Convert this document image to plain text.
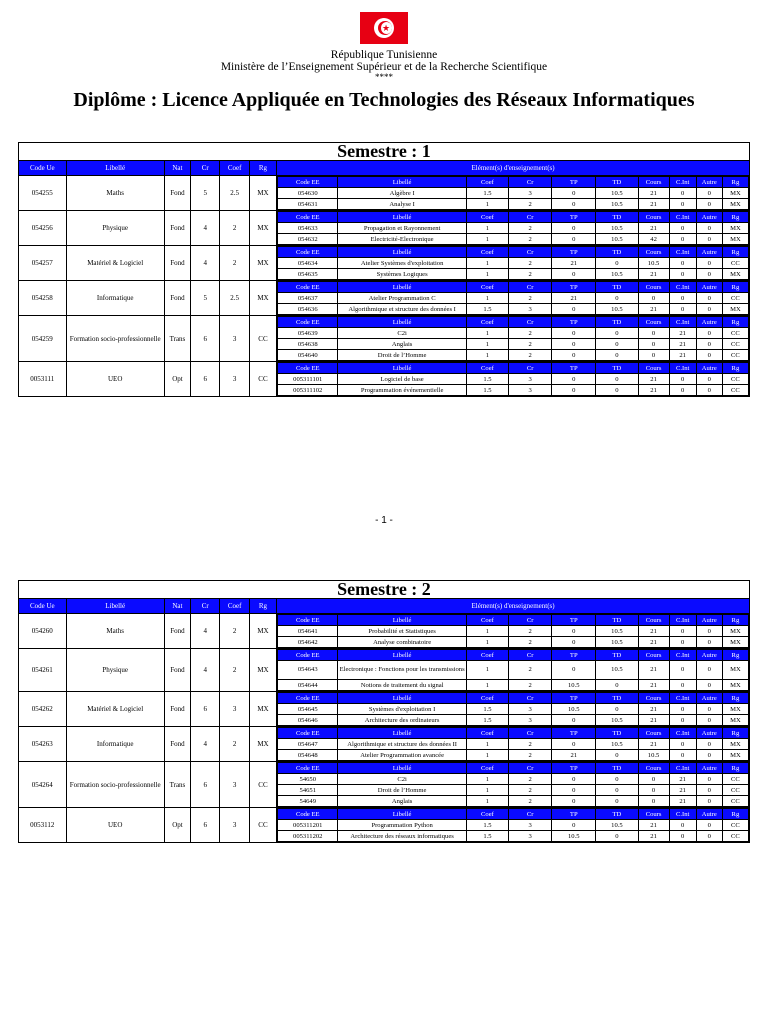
★
République Tunisienne
Ministère de l’Enseignement Supérieur et de la Recherche Scientifique
****
Diplôme : Licence Appliquée en Technologies des Réseaux Informatiques
Semestre : 1
Code Ue	Libellé	Nat	Cr	Coef	Rg	Elément(s) d'enseignement(s)
054255	Maths	Fond	5	2.5	MX	
Code EE	Libellé	Coef	Cr	TP	TD	Cours	C.Int	Autre	Rg
054630	Algèbre I	1.5	3	0	10.5	21	0	0	MX
054631	Analyse I	1	2	0	10.5	21	0	0	MX

054256	Physique	Fond	4	2	MX	
Code EE	Libellé	Coef	Cr	TP	TD	Cours	C.Int	Autre	Rg
054633	Propagation et Rayonnement	1	2	0	10.5	21	0	0	MX
054632	Electricité-Electronique	1	2	0	10.5	42	0	0	MX

054257	Matériel & Logiciel	Fond	4	2	MX	
Code EE	Libellé	Coef	Cr	TP	TD	Cours	C.Int	Autre	Rg
054634	Atelier Systèmes d'exploitation	1	2	21	0	10.5	0	0	CC
054635	Systèmes Logiques	1	2	0	10.5	21	0	0	MX

054258	Informatique	Fond	5	2.5	MX	
Code EE	Libellé	Coef	Cr	TP	TD	Cours	C.Int	Autre	Rg
054637	Atelier Programmation C	1	2	21	0	0	0	0	CC
054636	Algorithmique et structure des données I	1.5	3	0	10.5	21	0	0	MX

054259	Formation socio-professionnelle	Trans	6	3	CC	
Code EE	Libellé	Coef	Cr	TP	TD	Cours	C.Int	Autre	Rg
054639	C2i	1	2	0	0	0	21	0	CC
054638	Anglais	1	2	0	0	0	21	0	CC
054640	Droit de l’Homme	1	2	0	0	0	21	0	CC

0053111	UEO	Opt	6	3	CC	
Code EE	Libellé	Coef	Cr	TP	TD	Cours	C.Int	Autre	Rg
005311101	Logiciel de base	1.5	3	0	0	21	0	0	CC
005311102	Programmation événementielle	1.5	3	0	0	21	0	0	CC
- 1 -
Semestre : 2
Code Ue	Libellé	Nat	Cr	Coef	Rg	Elément(s) d'enseignement(s)
054260	Maths	Fond	4	2	MX	
Code EE	Libellé	Coef	Cr	TP	TD	Cours	C.Int	Autre	Rg
054641	Probabilité et Statistiques	1	2	0	10.5	21	0	0	MX
054642	Analyse combinatoire	1	2	0	10.5	21	0	0	MX

054261	Physique	Fond	4	2	MX	
Code EE	Libellé	Coef	Cr	TP	TD	Cours	C.Int	Autre	Rg
054643	Electronique : Fonctions pour les transmissions	1	2	0	10.5	21	0	0	MX
054644	Notions de traitement du signal	1	2	10.5	0	21	0	0	MX

054262	Matériel & Logiciel	Fond	6	3	MX	
Code EE	Libellé	Coef	Cr	TP	TD	Cours	C.Int	Autre	Rg
054645	Systèmes d'exploitation I	1.5	3	10.5	0	21	0	0	MX
054646	Architecture des ordinateurs	1.5	3	0	10.5	21	0	0	MX

054263	Informatique	Fond	4	2	MX	
Code EE	Libellé	Coef	Cr	TP	TD	Cours	C.Int	Autre	Rg
054647	Algorithmique et structure des données II	1	2	0	10.5	21	0	0	MX
054648	Atelier Programmation avancée	1	2	21	0	10.5	0	0	MX

054264	Formation socio-professionnelle	Trans	6	3	CC	
Code EE	Libellé	Coef	Cr	TP	TD	Cours	C.Int	Autre	Rg
54650	C2i	1	2	0	0	0	21	0	CC
54651	Droit de l’Homme	1	2	0	0	0	21	0	CC
54649	Anglais	1	2	0	0	0	21	0	CC

0053112	UEO	Opt	6	3	CC	
Code EE	Libellé	Coef	Cr	TP	TD	Cours	C.Int	Autre	Rg
005311201	Programmation Python	1.5	3	0	10.5	21	0	0	CC
005311202	Architecture des réseaux informatiques	1.5	3	10.5	0	21	0	0	CC
